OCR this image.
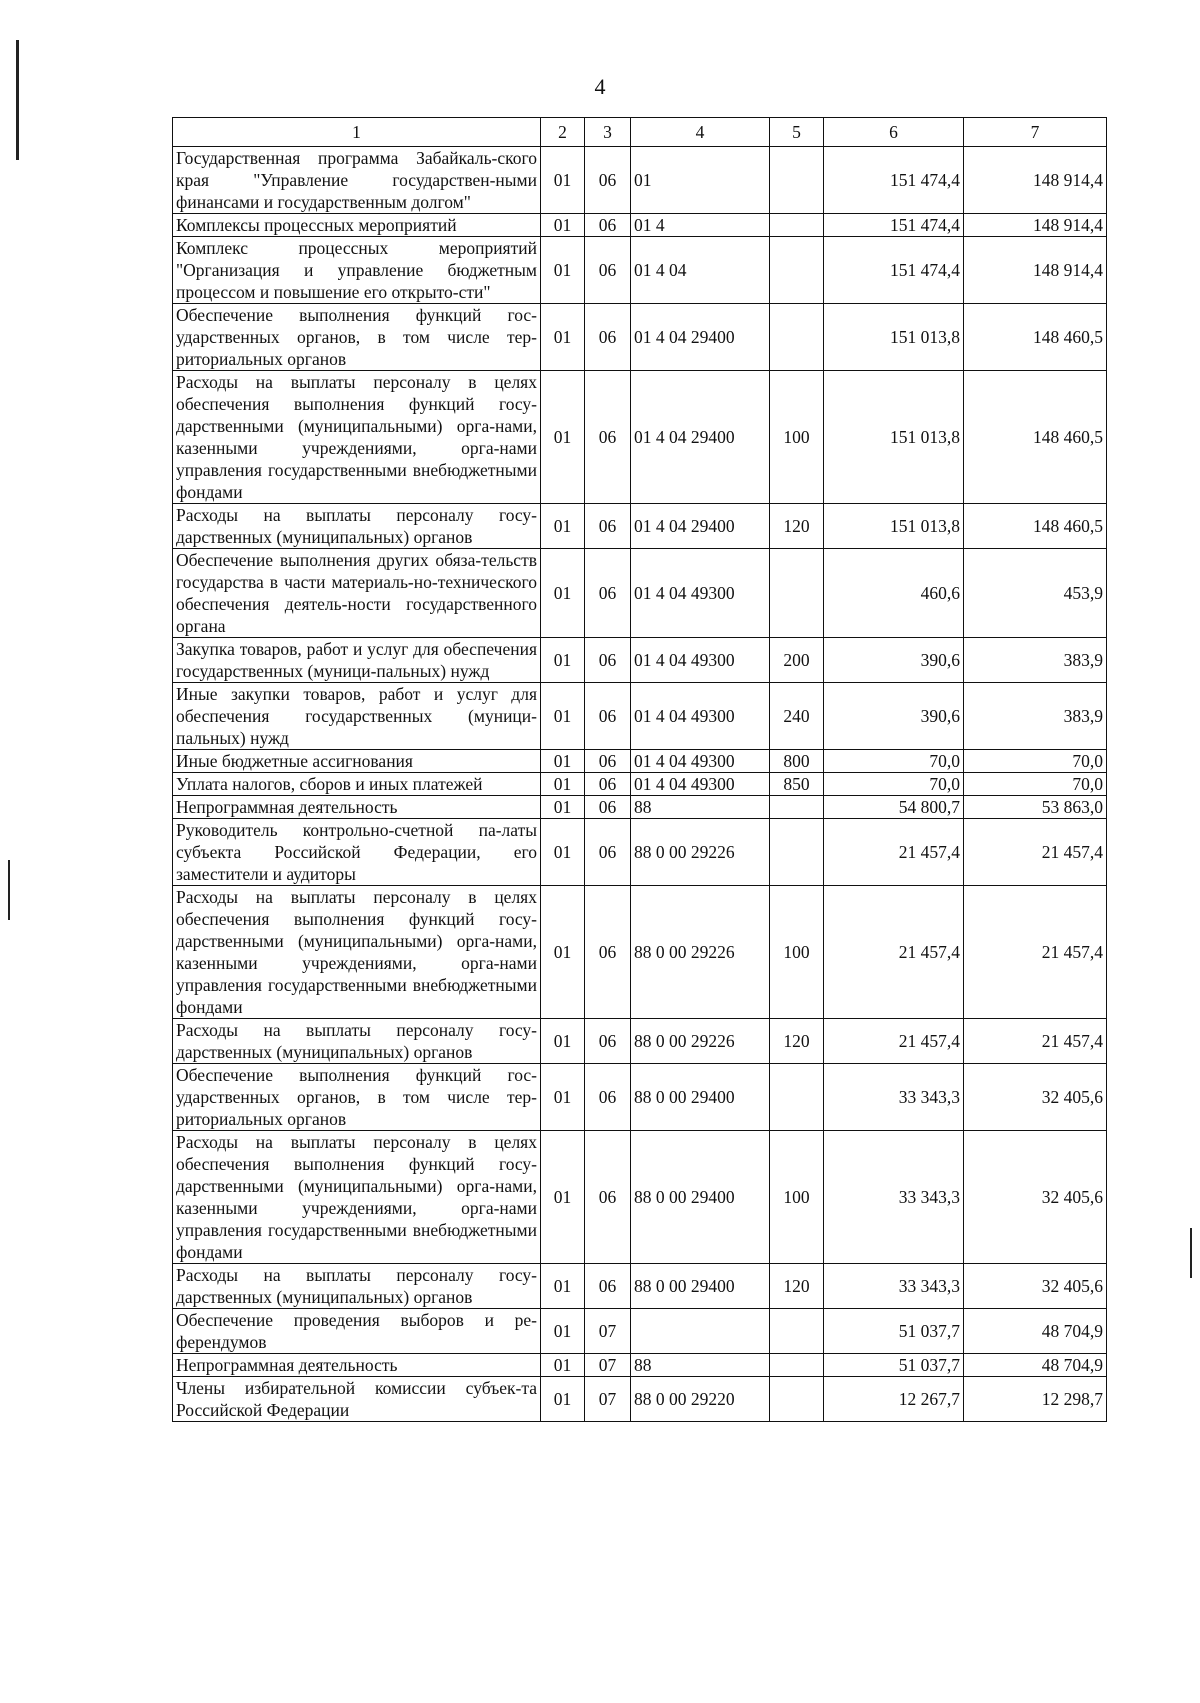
4
1	2	3	4	5	6	7
Государственная программа Забайкаль-ского края "Управление государствен-ными финансами и государственным долгом"	01	06	01		151 474,4	148 914,4
Комплексы процессных мероприятий	01	06	01 4		151 474,4	148 914,4
Комплекс процессных мероприятий "Организация и управление бюджетным процессом и повышение его открыто-сти"	01	06	01 4 04		151 474,4	148 914,4
Обеспечение выполнения функций гос-ударственных органов, в том числе тер-риториальных органов	01	06	01 4 04 29400		151 013,8	148 460,5
Расходы на выплаты персоналу в целях обеспечения выполнения функций госу-дарственными (муниципальными) орга-нами, казенными учреждениями, орга-нами управления государственными внебюджетными фондами	01	06	01 4 04 29400	100	151 013,8	148 460,5
Расходы на выплаты персоналу госу-дарственных (муниципальных) органов	01	06	01 4 04 29400	120	151 013,8	148 460,5
Обеспечение выполнения других обяза-тельств государства в части материаль-но-технического обеспечения деятель-ности государственного органа	01	06	01 4 04 49300		460,6	453,9
Закупка товаров, работ и услуг для обеспечения государственных (муници-пальных) нужд	01	06	01 4 04 49300	200	390,6	383,9
Иные закупки товаров, работ и услуг для обеспечения государственных (муници-пальных) нужд	01	06	01 4 04 49300	240	390,6	383,9
Иные бюджетные ассигнования	01	06	01 4 04 49300	800	70,0	70,0
Уплата налогов, сборов и иных платежей	01	06	01 4 04 49300	850	70,0	70,0
Непрограммная деятельность	01	06	88		54 800,7	53 863,0
Руководитель контрольно-счетной па-латы субъекта Российской Федерации, его заместители и аудиторы	01	06	88 0 00 29226		21 457,4	21 457,4
Расходы на выплаты персоналу в целях обеспечения выполнения функций госу-дарственными (муниципальными) орга-нами, казенными учреждениями, орга-нами управления государственными внебюджетными фондами	01	06	88 0 00 29226	100	21 457,4	21 457,4
Расходы на выплаты персоналу госу-дарственных (муниципальных) органов	01	06	88 0 00 29226	120	21 457,4	21 457,4
Обеспечение выполнения функций гос-ударственных органов, в том числе тер-риториальных органов	01	06	88 0 00 29400		33 343,3	32 405,6
Расходы на выплаты персоналу в целях обеспечения выполнения функций госу-дарственными (муниципальными) орга-нами, казенными учреждениями, орга-нами управления государственными внебюджетными фондами	01	06	88 0 00 29400	100	33 343,3	32 405,6
Расходы на выплаты персоналу госу-дарственных (муниципальных) органов	01	06	88 0 00 29400	120	33 343,3	32 405,6
Обеспечение проведения выборов и ре-ферендумов	01	07			51 037,7	48 704,9
Непрограммная деятельность	01	07	88		51 037,7	48 704,9
Члены избирательной комиссии субъек-та Российской Федерации	01	07	88 0 00 29220		12 267,7	12 298,7
